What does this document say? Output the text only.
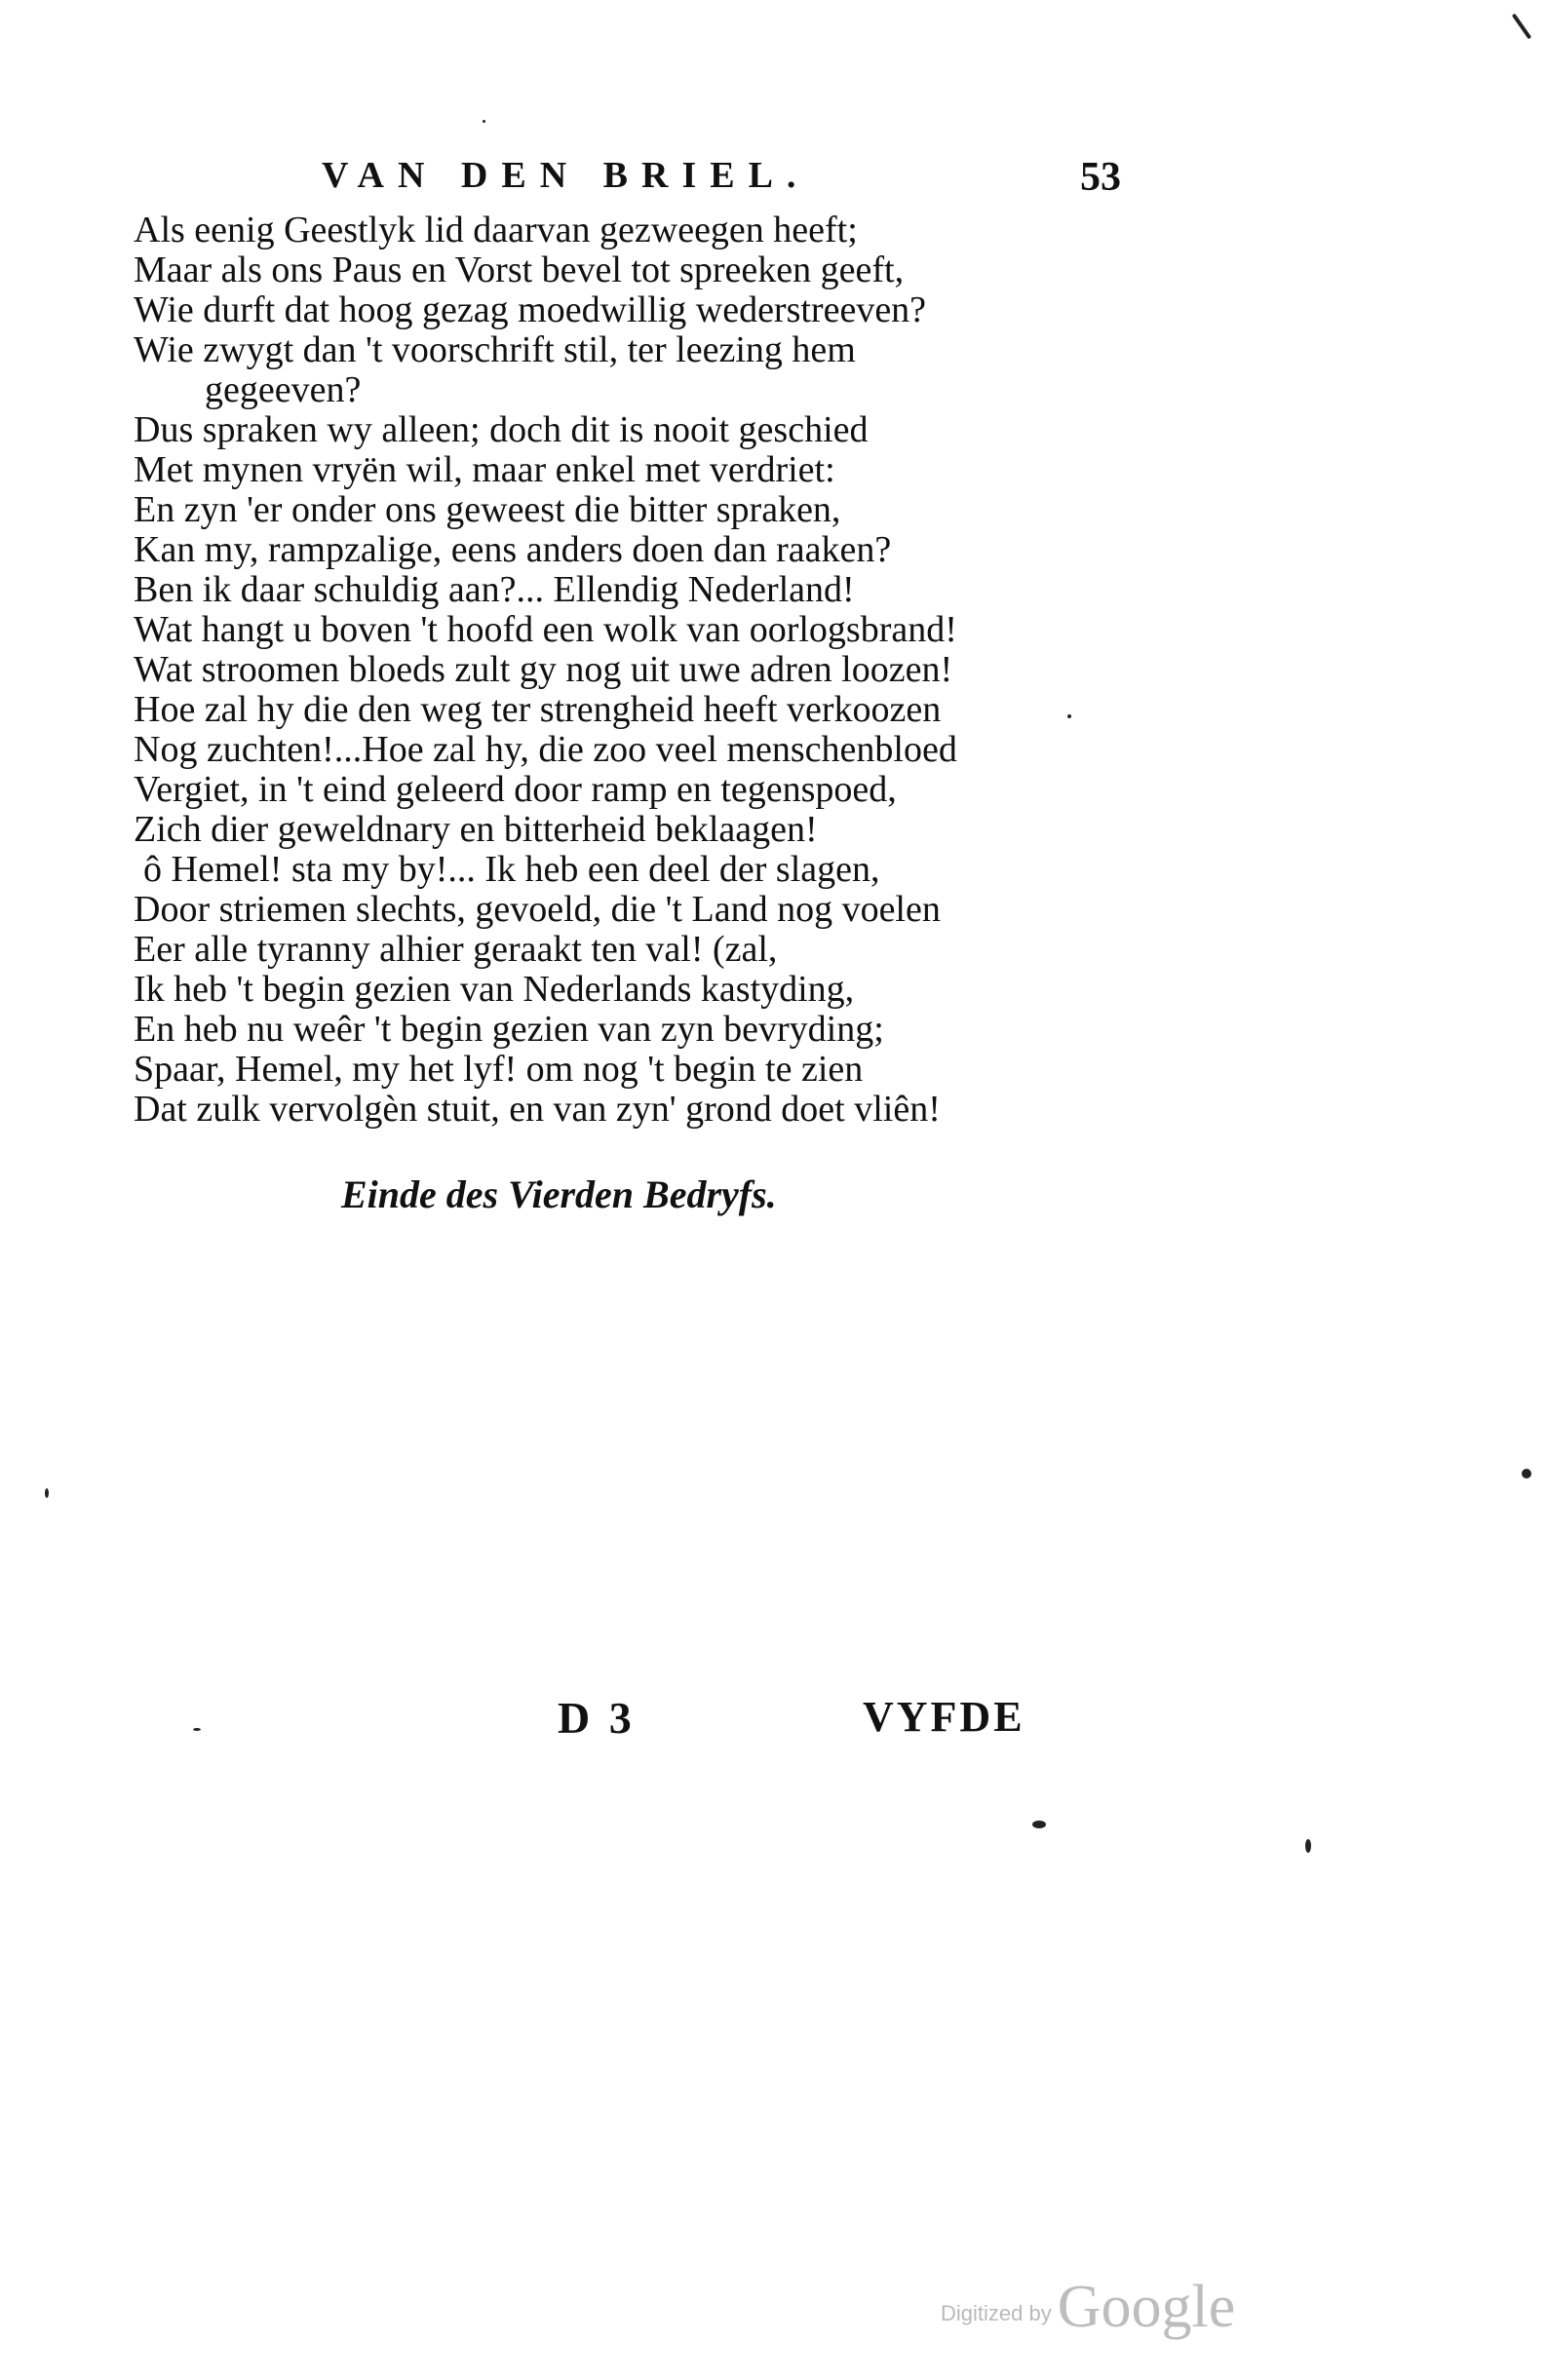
VAN DEN BRIEL.	53
Als eenig Geestlyk lid daarvan gezweegen heeft;
Maar als ons Paus en Vorst bevel tot spreeken geeft,
Wie durft dat hoog gezag moedwillig wederstreeven?
Wie zwygt dan 't voorschrift stil, ter leezing hem
gegeeven?
Dus spraken wy alleen; doch dit is nooit geschied
Met mynen vryën wil, maar enkel met verdriet:
En zyn 'er onder ons geweest die bitter spraken,
Kan my, rampzalige, eens anders doen dan raaken?
Ben ik daar schuldig aan?... Ellendig Nederland!
Wat hangt u boven 't hoofd een wolk van oorlogsbrand!
Wat stroomen bloeds zult gy nog uit uwe adren loozen!
Hoe zal hy die den weg ter strengheid heeft verkoozen
Nog zuchten!...Hoe zal hy, die zoo veel menschenbloed
Vergiet, in 't eind geleerd door ramp en tegenspoed,
Zich dier geweldnary en bitterheid beklaagen!
ô Hemel! sta my by!... Ik heb een deel der slagen,
Door striemen slechts, gevoeld, die 't Land nog voelen
Eer alle tyranny alhier geraakt ten val! (zal,
Ik heb 't begin gezien van Nederlands kastyding,
En heb nu weêr 't begin gezien van zyn bevryding;
Spaar, Hemel, my het lyf! om nog 't begin te zien
Dat zulk vervolgèn stuit, en van zyn' grond doet vliên!
Einde des Vierden Bedryfs.
D 3	VYFDE
Digitized byGoogle
